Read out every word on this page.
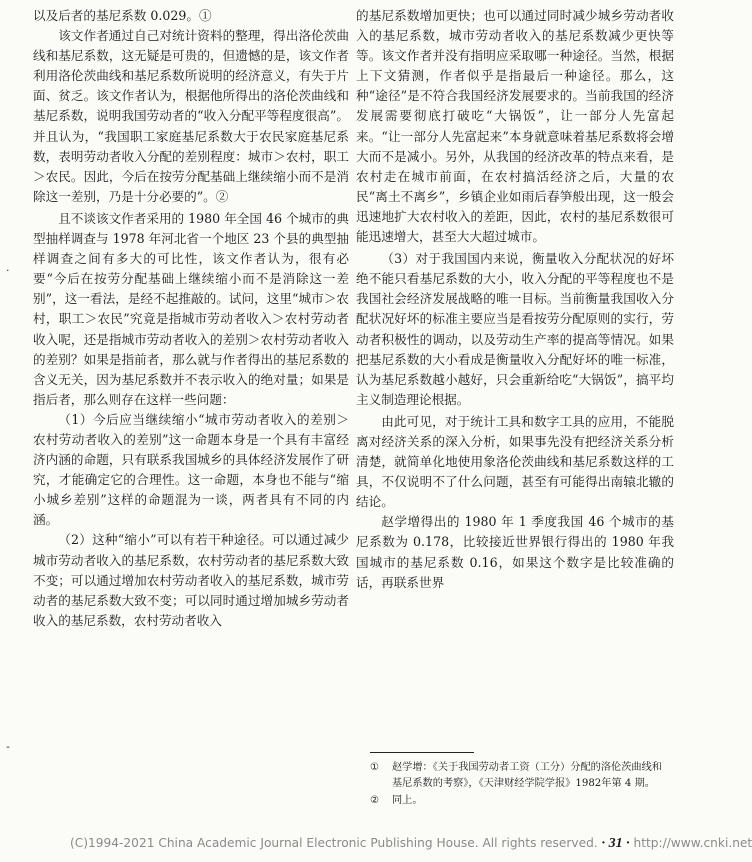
以及后者的基尼系数 0.029。①

该文作者通过自己对统计资料的整理，得出洛伦茨曲线和基尼系数，这无疑是可贵的，但遗憾的是，该文作者利用洛伦茨曲线和基尼系数所说明的经济意义，有失于片面、贫乏。该文作者认为，根据他所得出的洛伦茨曲线和基尼系数，说明我国劳动者的“收入分配平等程度很高”。并且认为，“我国职工家庭基尼系数大于农民家庭基尼系数，表明劳动者收入分配的差别程度：城市＞农村，职工＞农民。因此，今后在按劳分配基础上继续缩小而不是消除这一差别，乃是十分必要的”。②

且不谈该文作者采用的 1980 年全国 46 个城市的典型抽样调查与 1978 年河北省一个地区 23 个县的典型抽样调查之间有多大的可比性，该文作者认为，很有必要“今后在按劳分配基础上继续缩小而不是消除这一差别”，这一看法，是经不起推敲的。试问，这里“城市＞农村，职工＞农民”究竟是指城市劳动者收入＞农村劳动者收入呢，还是指城市劳动者收入的差别＞农村劳动者收入的差别？如果是指前者，那么就与作者得出的基尼系数的含义无关，因为基尼系数并不表示收入的绝对量；如果是指后者，那么则存在这样一些问题：

（1）今后应当继续缩小“城市劳动者收入的差别＞农村劳动者收入的差别”这一命题本身是一个具有丰富经济内涵的命题，只有联系我国城乡的具体经济发展作了研究，才能确定它的合理性。这一命题，本身也不能与“缩小城乡差别”这样的命题混为一谈，两者具有不同的内涵。

（2）这种“缩小”可以有若干种途径。可以通过减少城市劳动者收入的基尼系数，农村劳动者的基尼系数大致不变；可以通过增加农村劳动者收入的基尼系数，城市劳动者的基尼系数大致不变；可以同时通过增加城乡劳动者收入的基尼系数，农村劳动者收入

的基尼系数增加更快；也可以通过同时减少城乡劳动者收入的基尼系数，城市劳动者收入的基尼系数减少更快等等。该文作者并没有指明应采取哪一种途径。当然，根据上下文猜测，作者似乎是指最后一种途径。那么，这种“途径”是不符合我国经济发展要求的。当前我国的经济发展需要彻底打破吃“大锅饭”，让一部分人先富起来。“让一部分人先富起来”本身就意味着基尼系数将会增大而不是减小。另外，从我国的经济改革的特点来看，是农村走在城市前面，在农村搞活经济之后，大量的农民“离土不离乡”，乡镇企业如雨后春笋般出现，这一般会迅速地扩大农村收入的差距，因此，农村的基尼系数很可能迅速增大，甚至大大超过城市。

（3）对于我国国内来说，衡量收入分配状况的好坏绝不能只看基尼系数的大小，收入分配的平等程度也不是我国社会经济发展战略的唯一目标。当前衡量我国收入分配状况好坏的标准主要应当是看按劳分配原则的实行，劳动者积极性的调动，以及劳动生产率的提高等情况。如果把基尼系数的大小看成是衡量收入分配好坏的唯一标准，认为基尼系数越小越好，只会重新给吃“大锅饭”，搞平均主义制造理论根据。

由此可见，对于统计工具和数字工具的应用，不能脱离对经济关系的深入分析，如果事先没有把经济关系分析清楚，就简单化地使用象洛伦茨曲线和基尼系数这样的工具，不仅说明不了什么问题，甚至有可能得出南辕北辙的结论。

赵学增得出的 1980 年 1 季度我国 46 个城市的基尼系数为 0.178，比较接近世界银行得出的 1980 年我国城市的基尼系数 0.16，如果这个数字是比较准确的话，再联系世界

①	赵学增：《关于我国劳动者工资（工分）分配的洛伦茨曲线和基尼系数的考察》，《天津财经学院学报》1982年第 4 期。
②	同上。
·
-
(C)1994-2021 China Academic Journal Electronic Publishing House. All rights reserved. · 31 · http://www.cnki.net
